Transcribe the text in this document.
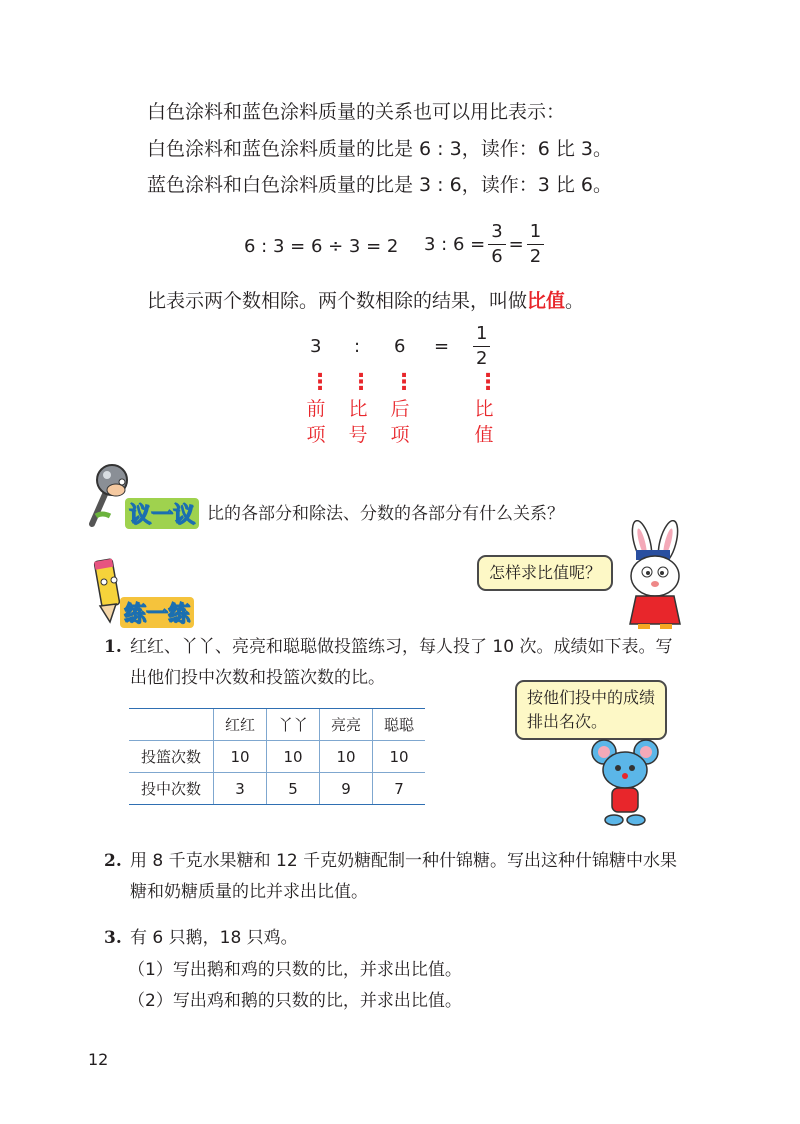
白色涂料和蓝色涂料质量的关系也可以用比表示：
白色涂料和蓝色涂料质量的比是 6 : 3，读作：6 比 3。
蓝色涂料和白色涂料质量的比是 3 : 6，读作：3 比 6。
6 : 3 = 6 ÷ 3 = 2 3 : $6 = \frac{3}{6} = \frac{1}{2}$
比表示两个数相除。两个数相除的结果，叫做比值。
3 : $6 = \frac{1}{2}$
⋮ ⋮ ⋮	⋮
前
项
比
号
后
项
比
值
议一议 比的各部分和除法、分数的各部分有什么关系？
怎样求比值呢？
练一练
1. 红红、丫丫、亮亮和聪聪做投篮练习，每人投了 10 次。成绩如下表。写
出他们投中次数和投篮次数的比。
按他们投中的成绩
排出名次。
	红红	丫丫	亮亮	聪聪
投篮次数	10	10	10	10
投中次数	3	5	9	7
2. 用 8 千克水果糖和 12 千克奶糖配制一种什锦糖。写出这种什锦糖中水果
糖和奶糖质量的比并求出比值。
3. 有 6 只鹅，18 只鸡。
（1）写出鹅和鸡的只数的比，并求出比值。
（2）写出鸡和鹅的只数的比，并求出比值。
12
